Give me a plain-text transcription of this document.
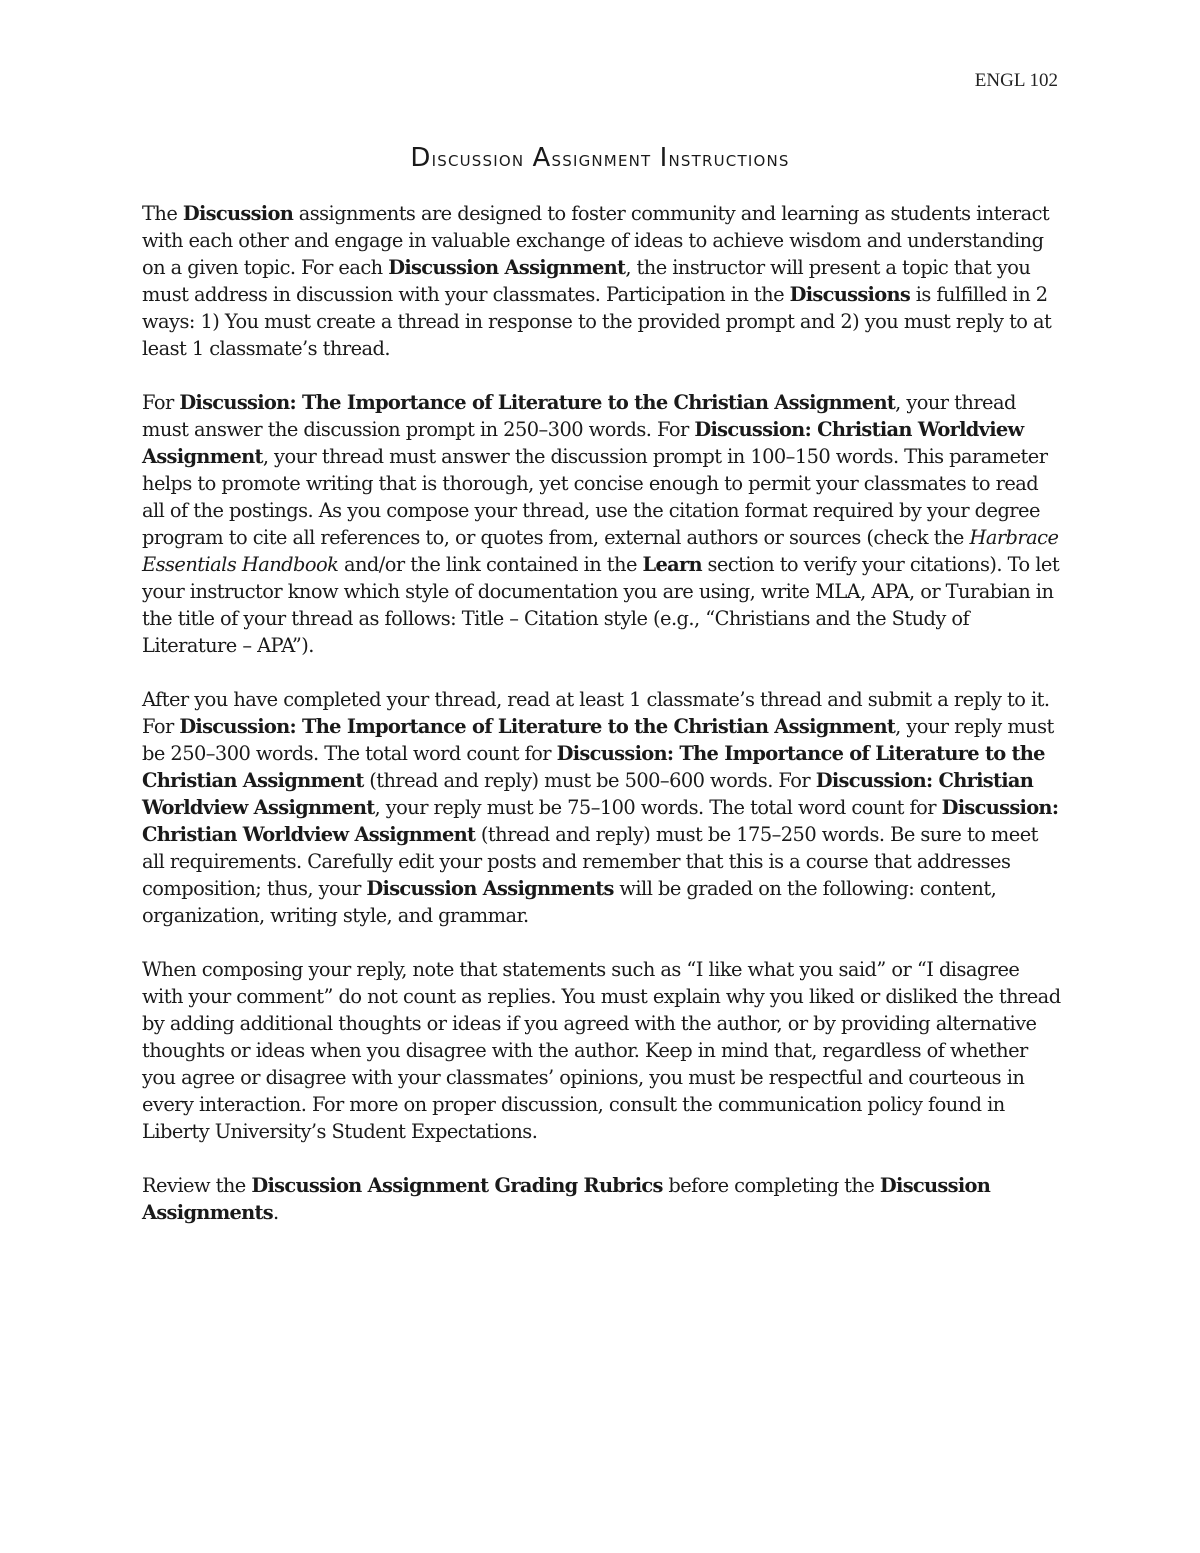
ENGL 102
Discussion Assignment Instructions

The Discussion assignments are designed to foster community and learning as students interact with each other and engage in valuable exchange of ideas to achieve wisdom and understanding on a given topic. For each Discussion Assignment, the instructor will present a topic that you must address in discussion with your classmates. Participation in the Discussions is fulfilled in 2 ways: 1) You must create a thread in response to the provided prompt and 2) you must reply to at least 1 classmate’s thread.

For Discussion: The Importance of Literature to the Christian Assignment, your thread must answer the discussion prompt in 250–300 words. For Discussion: Christian Worldview Assignment, your thread must answer the discussion prompt in 100–150 words. This parameter helps to promote writing that is thorough, yet concise enough to permit your classmates to read all of the postings. As you compose your thread, use the citation format required by your degree program to cite all references to, or quotes from, external authors or sources (check the Harbrace Essentials Handbook and/or the link contained in the Learn section to verify your citations). To let your instructor know which style of documentation you are using, write MLA, APA, or Turabian in the title of your thread as follows: Title – Citation style (e.g., “Christians and the Study of Literature – APA”).

After you have completed your thread, read at least 1 classmate’s thread and submit a reply to it. For Discussion: The Importance of Literature to the Christian Assignment, your reply must be 250–300 words. The total word count for Discussion: The Importance of Literature to the Christian Assignment (thread and reply) must be 500–600 words. For Discussion: Christian Worldview Assignment, your reply must be 75–100 words. The total word count for Discussion: Christian Worldview Assignment (thread and reply) must be 175–250 words. Be sure to meet all requirements. Carefully edit your posts and remember that this is a course that addresses composition; thus, your Discussion Assignments will be graded on the following: content, organization, writing style, and grammar.

When composing your reply, note that statements such as “I like what you said” or “I disagree with your comment” do not count as replies. You must explain why you liked or disliked the thread by adding additional thoughts or ideas if you agreed with the author, or by providing alternative thoughts or ideas when you disagree with the author. Keep in mind that, regardless of whether you agree or disagree with your classmates’ opinions, you must be respectful and courteous in every interaction. For more on proper discussion, consult the communication policy found in Liberty University’s Student Expectations.

Review the Discussion Assignment Grading Rubrics before completing the Discussion Assignments.
